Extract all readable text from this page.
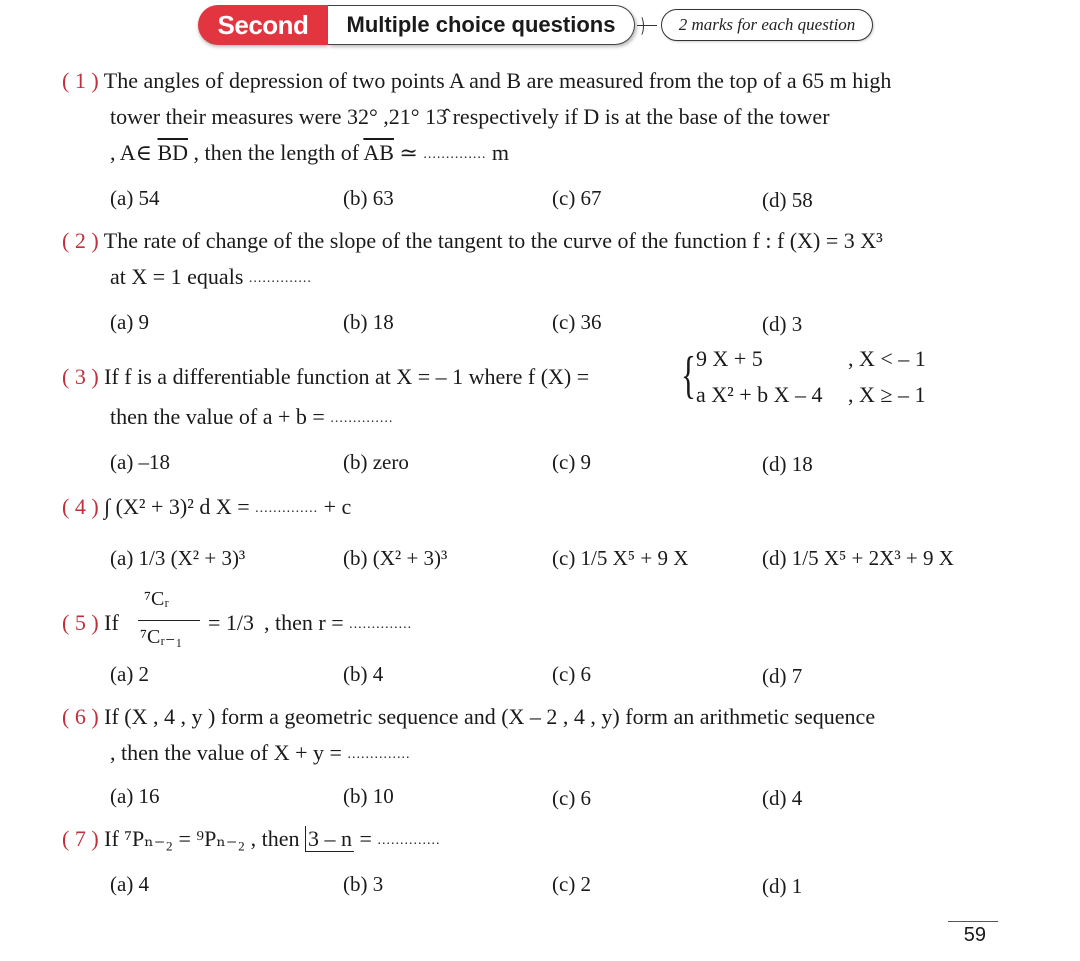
Second	Multiple choice questions	2 marks for each question
( 1 ) The angles of depression of two points A and B are measured from the top of a 65 m high
tower their measures were 32° ,21° 13̂ respectively if D is at the base of the tower
, A∈ $\overline{BD}$ , then the length of $\overline{AB}$ ≃ .............. m
(a) 54	(b) 63	(c) 67	(d) 58
( 2 ) The rate of change of the slope of the tangent to the curve of the function f : f (X) = 3 X³
at X = 1 equals ..............
(a) 9	(b) 18	(c) 36	(d) 3
( 3 ) If f is a differentiable function at X = – 1 where f (X) = { 9 X + 5	, X < – 1
a X² + b X – 4 , X ≥ – 1
then the value of a + b = ..............
(a) –18	(b) zero	(c) 9	(d) 18
( 4 ) ∫ (X² + 3)² d X = .............. + c
(a) 1/3 (X² + 3)³	(b) (X² + 3)³	(c) 1/5 X⁵ + 9 X	(d) 1/5 X⁵ + 2X³ + 9 X
( 5 ) If
⁷Cᵣ
⁷Cᵣ₋₁
= 1/3 , then r = ..............
(a) 2	(b) 4	(c) 6	(d) 7
( 6 ) If (X , 4 , y ) form a geometric sequence and (X – 2 , 4 , y) form an arithmetic sequence
, then the value of X + y = ..............
(a) 16	(b) 10	(c) 6	(d) 4
( 7 ) If ⁷Pₙ₋₂ = ⁹Pₙ₋₂ , then 3 – n = ..............
(a) 4	(b) 3	(c) 2	(d) 1
59
